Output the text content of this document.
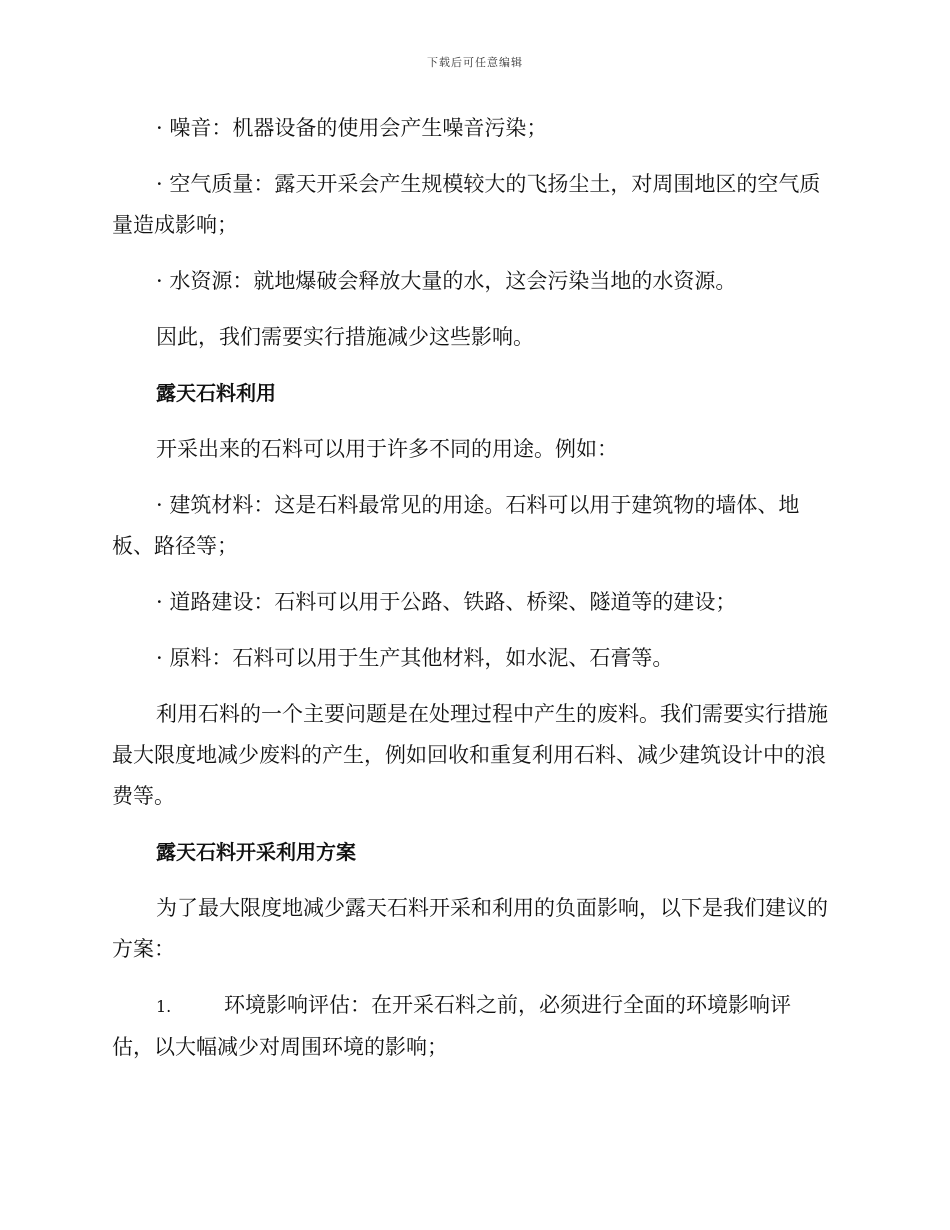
下载后可任意编辑

· 噪音：机器设备的使用会产生噪音污染；

· 空气质量：露天开采会产生规模较大的飞扬尘土，对周围地区的空气质量造成影响；

· 水资源：就地爆破会释放大量的水，这会污染当地的水资源。

因此，我们需要实行措施减少这些影响。

露天石料利用

开采出来的石料可以用于许多不同的用途。例如：

· 建筑材料：这是石料最常见的用途。石料可以用于建筑物的墙体、地板、路径等；

· 道路建设：石料可以用于公路、铁路、桥梁、隧道等的建设；

· 原料：石料可以用于生产其他材料，如水泥、石膏等。

利用石料的一个主要问题是在处理过程中产生的废料。我们需要实行措施最大限度地减少废料的产生，例如回收和重复利用石料、减少建筑设计中的浪费等。

露天石料开采利用方案

为了最大限度地减少露天石料开采和利用的负面影响，以下是我们建议的方案：

1.	环境影响评估：在开采石料之前，必须进行全面的环境影响评估，以大幅减少对周围环境的影响；
